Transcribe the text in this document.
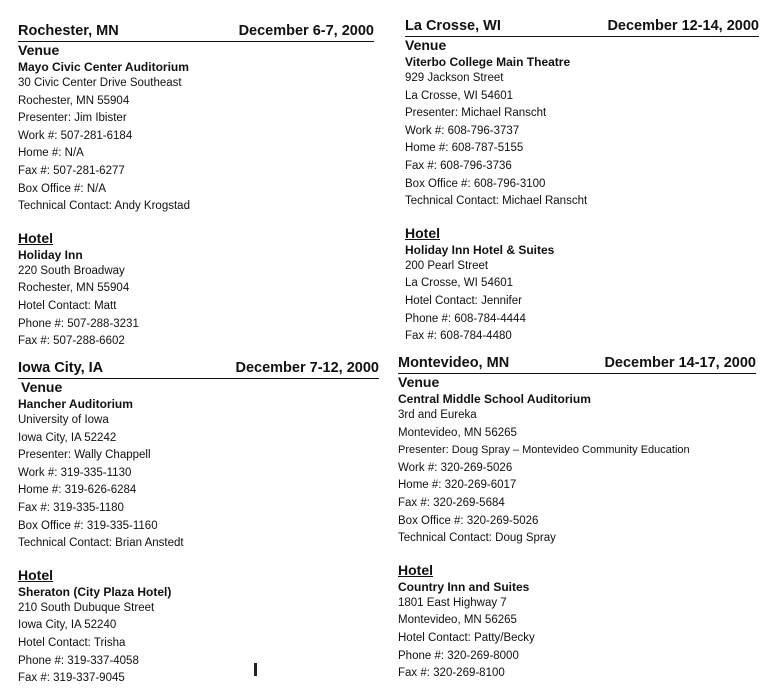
Rochester, MN	December 6-7, 2000
Venue
Mayo Civic Center Auditorium
30 Civic Center Drive Southeast
Rochester, MN 55904
Presenter: Jim Ibister
Work #: 507-281-6184
Home #: N/A
Fax #: 507-281-6277
Box Office #: N/A
Technical Contact: Andy Krogstad
Hotel
Holiday Inn
220 South Broadway
Rochester, MN 55904
Hotel Contact: Matt
Phone #: 507-288-3231
Fax #: 507-288-6602
La Crosse, WI	December 12-14, 2000
Venue
Viterbo College Main Theatre
929 Jackson Street
La Crosse, WI 54601
Presenter: Michael Ranscht
Work #: 608-796-3737
Home #: 608-787-5155
Fax #: 608-796-3736
Box Office #: 608-796-3100
Technical Contact: Michael Ranscht
Hotel
Holiday Inn Hotel & Suites
200 Pearl Street
La Crosse, WI 54601
Hotel Contact: Jennifer
Phone #: 608-784-4444
Fax #: 608-784-4480
Iowa City, IA	December 7-12, 2000
Venue
Hancher Auditorium
University of Iowa
Iowa City, IA 52242
Presenter: Wally Chappell
Work #: 319-335-1130
Home #: 319-626-6284
Fax #: 319-335-1180
Box Office #: 319-335-1160
Technical Contact: Brian Anstedt
Hotel
Sheraton (City Plaza Hotel)
210 South Dubuque Street
Iowa City, IA 52240
Hotel Contact: Trisha
Phone #: 319-337-4058
Fax #: 319-337-9045
Montevideo, MN	December 14-17, 2000
Venue
Central Middle School Auditorium
3rd and Eureka
Montevideo, MN 56265
Presenter: Doug Spray – Montevideo Community Education
Work #: 320-269-5026
Home #: 320-269-6017
Fax #: 320-269-5684
Box Office #: 320-269-5026
Technical Contact: Doug Spray
Hotel
Country Inn and Suites
1801 East Highway 7
Montevideo, MN 56265
Hotel Contact: Patty/Becky
Phone #: 320-269-8000
Fax #: 320-269-8100
